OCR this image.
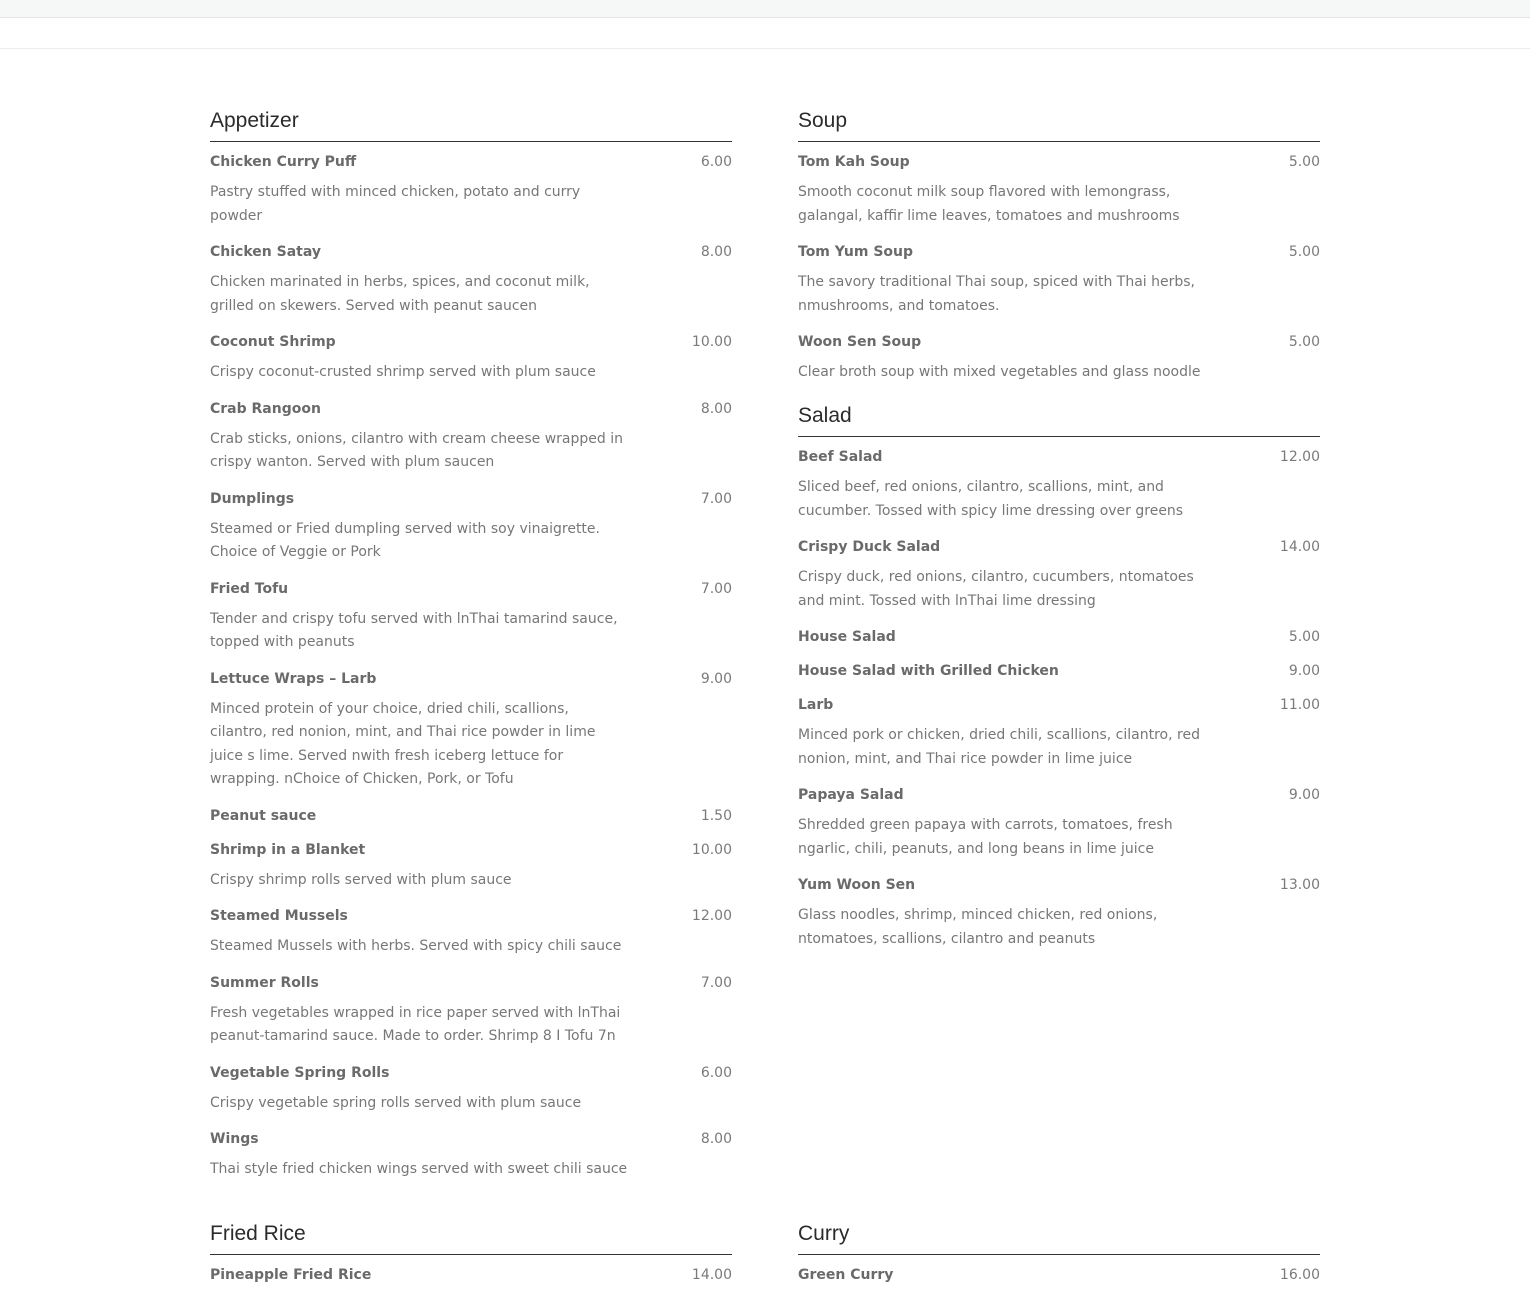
Appetizer
Chicken Curry Puff	6.00
Pastry stuffed with minced chicken, potato and curry powder
Chicken Satay	8.00
Chicken marinated in herbs, spices, and coconut milk, grilled on skewers. Served with peanut saucen
Coconut Shrimp	10.00
Crispy coconut-crusted shrimp served with plum sauce
Crab Rangoon	8.00
Crab sticks, onions, cilantro with cream cheese wrapped in crispy wanton. Served with plum saucen
Dumplings	7.00
Steamed or Fried dumpling served with soy vinaigrette. Choice of Veggie or Pork
Fried Tofu	7.00
Tender and crispy tofu served with lnThai tamarind sauce, topped with peanuts
Lettuce Wraps – Larb	9.00
Minced protein of your choice, dried chili, scallions, cilantro, red nonion, mint, and Thai rice powder in lime juice s lime. Served nwith fresh iceberg lettuce for wrapping. nChoice of Chicken, Pork, or Tofu
Peanut sauce	1.50
Shrimp in a Blanket	10.00
Crispy shrimp rolls served with plum sauce
Steamed Mussels	12.00
Steamed Mussels with herbs. Served with spicy chili sauce
Summer Rolls	7.00
Fresh vegetables wrapped in rice paper served with lnThai peanut-tamarind sauce. Made to order. Shrimp 8 I Tofu 7n
Vegetable Spring Rolls	6.00
Crispy vegetable spring rolls served with plum sauce
Wings	8.00
Thai style fried chicken wings served with sweet chili sauce
Soup
Tom Kah Soup	5.00
Smooth coconut milk soup flavored with lemongrass, galangal, kaffir lime leaves, tomatoes and mushrooms
Tom Yum Soup	5.00
The savory traditional Thai soup, spiced with Thai herbs, nmushrooms, and tomatoes.
Woon Sen Soup	5.00
Clear broth soup with mixed vegetables and glass noodle
Salad
Beef Salad	12.00
Sliced beef, red onions, cilantro, scallions, mint, and cucumber. Tossed with spicy lime dressing over greens
Crispy Duck Salad	14.00
Crispy duck, red onions, cilantro, cucumbers, ntomatoes and mint. Tossed with lnThai lime dressing
House Salad	5.00
House Salad with Grilled Chicken	9.00
Larb	11.00
Minced pork or chicken, dried chili, scallions, cilantro, red nonion, mint, and Thai rice powder in lime juice
Papaya Salad	9.00
Shredded green papaya with carrots, tomatoes, fresh ngarlic, chili, peanuts, and long beans in lime juice
Yum Woon Sen	13.00
Glass noodles, shrimp, minced chicken, red onions, ntomatoes, scallions, cilantro and peanuts
Fried Rice
Pineapple Fried Rice	14.00
Curry
Green Curry	16.00
